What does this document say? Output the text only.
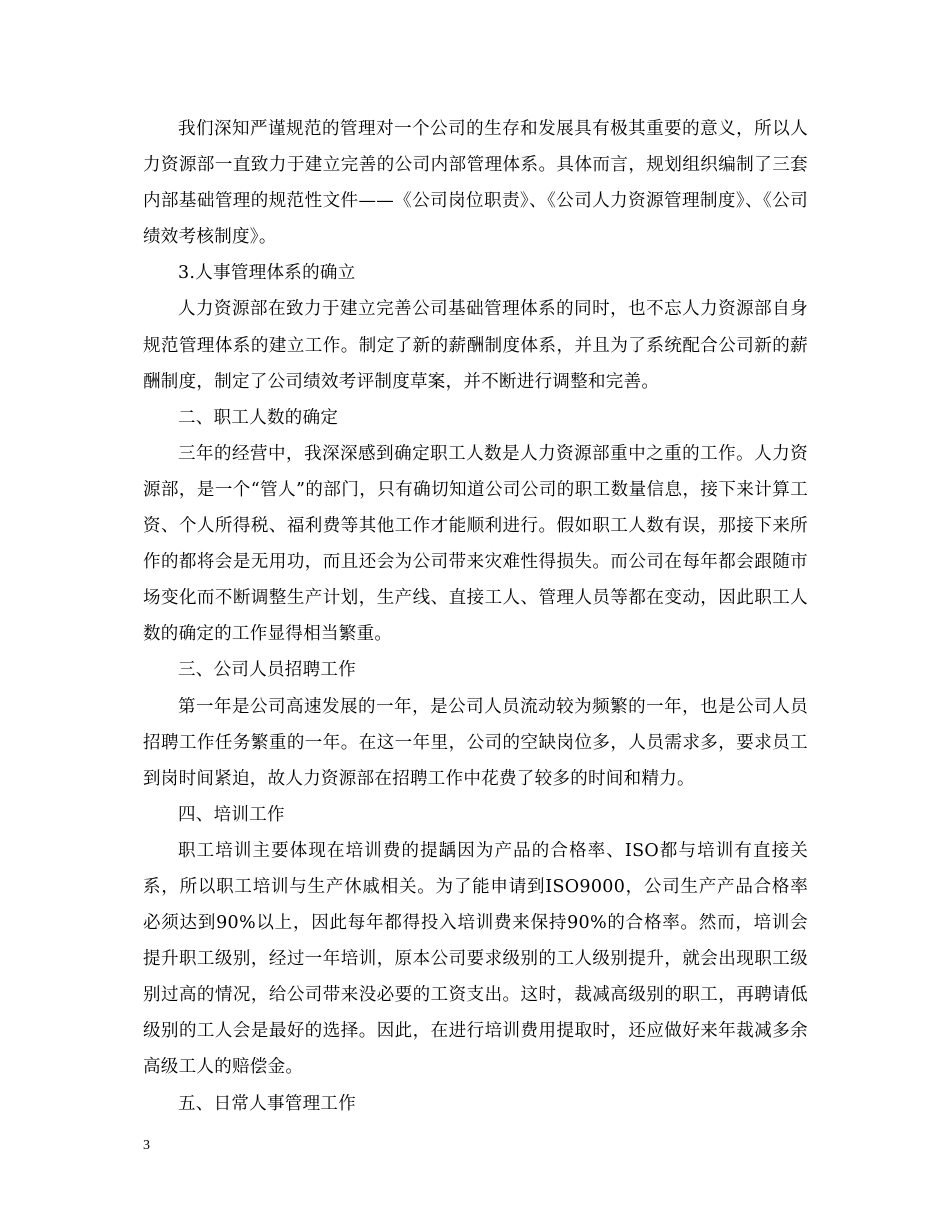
我们深知严谨规范的管理对一个公司的生存和发展具有极其重要的意义，所以人力资源部一直致力于建立完善的公司内部管理体系。具体而言，规划组织编制了三套内部基础管理的规范性文件——《公司岗位职责》、《公司人力资源管理制度》、《公司绩效考核制度》。

3.人事管理体系的确立

人力资源部在致力于建立完善公司基础管理体系的同时，也不忘人力资源部自身规范管理体系的建立工作。制定了新的薪酬制度体系，并且为了系统配合公司新的薪酬制度，制定了公司绩效考评制度草案，并不断进行调整和完善。

二、职工人数的确定

三年的经营中，我深深感到确定职工人数是人力资源部重中之重的工作。人力资源部，是一个“管人”的部门，只有确切知道公司公司的职工数量信息，接下来计算工资、个人所得税、福利费等其他工作才能顺利进行。假如职工人数有误，那接下来所作的都将会是无用功，而且还会为公司带来灾难性得损失。而公司在每年都会跟随市场变化而不断调整生产计划，生产线、直接工人、管理人员等都在变动，因此职工人数的确定的工作显得相当繁重。

三、公司人员招聘工作

第一年是公司高速发展的一年，是公司人员流动较为频繁的一年，也是公司人员招聘工作任务繁重的一年。在这一年里，公司的空缺岗位多，人员需求多，要求员工到岗时间紧迫，故人力资源部在招聘工作中花费了较多的时间和精力。

四、培训工作

职工培训主要体现在培训费的提龋因为产品的合格率、ISO都与培训有直接关系，所以职工培训与生产休戚相关。为了能申请到ISO9000，公司生产产品合格率必须达到90%以上，因此每年都得投入培训费来保持90%的合格率。然而，培训会提升职工级别，经过一年培训，原本公司要求级别的工人级别提升，就会出现职工级别过高的情况，给公司带来没必要的工资支出。这时，裁减高级别的职工，再聘请低级别的工人会是最好的选择。因此，在进行培训费用提取时，还应做好来年裁减多余高级工人的赔偿金。

五、日常人事管理工作

3
